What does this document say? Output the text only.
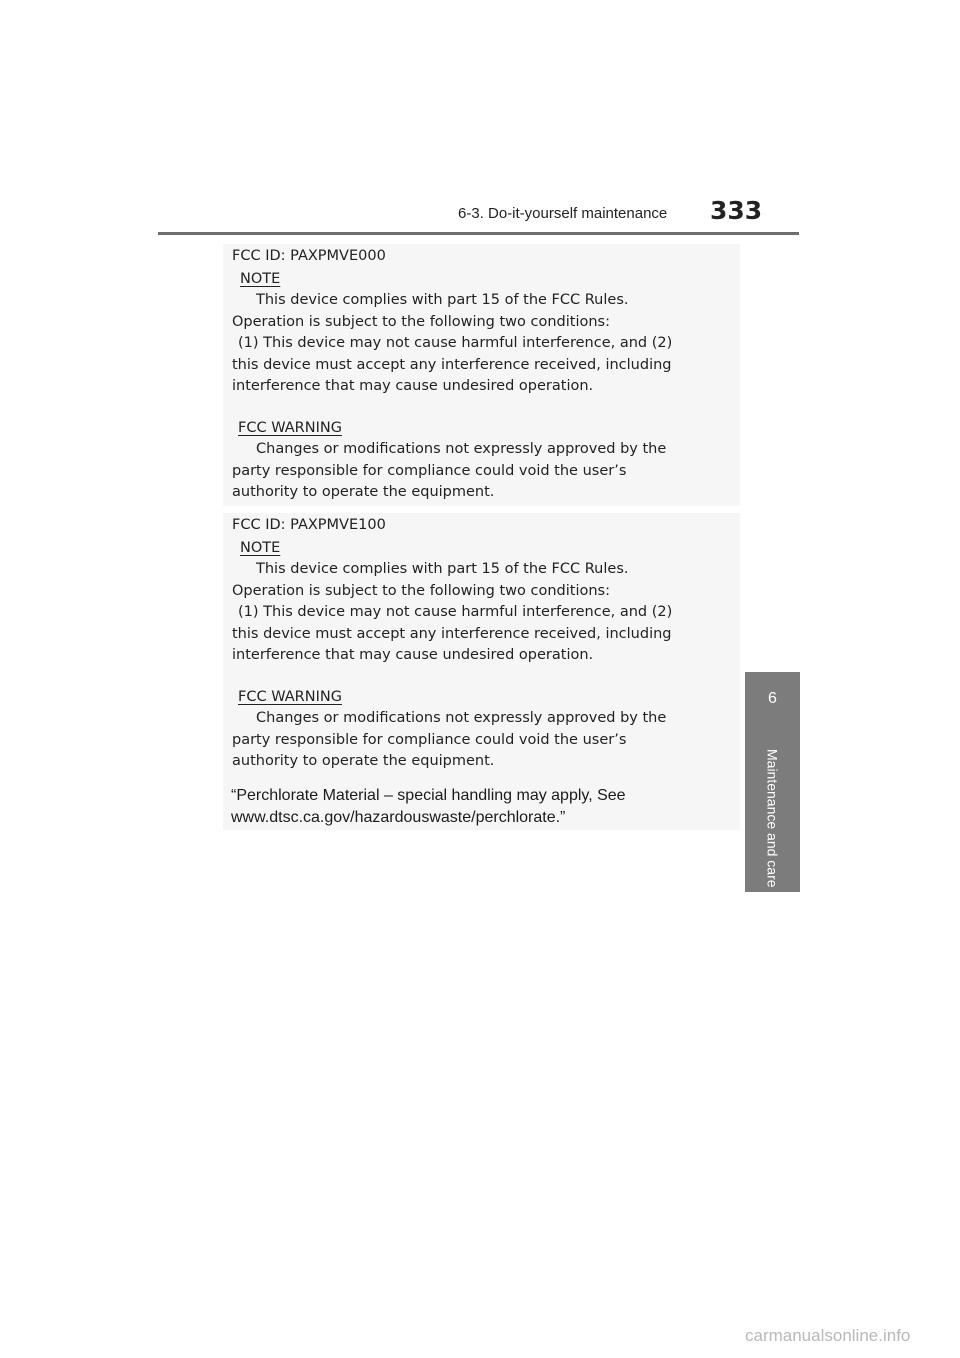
6-3. Do-it-yourself maintenance 333
6
Maintenance and care
FCC ID: PAXPMVE000
NOTE
This device complies with part 15 of the FCC Rules.
Operation is subject to the following two conditions:
(1) This device may not cause harmful interference, and (2)
this device must accept any interference received, including
interference that may cause undesired operation.
FCC WARNING
Changes or modifications not expressly approved by the
party responsible for compliance could void the user’s
authority to operate the equipment.
FCC ID: PAXPMVE100
NOTE
This device complies with part 15 of the FCC Rules.
Operation is subject to the following two conditions:
(1) This device may not cause harmful interference, and (2)
this device must accept any interference received, including
interference that may cause undesired operation.
FCC WARNING
Changes or modifications not expressly approved by the
party responsible for compliance could void the user’s
authority to operate the equipment.
“Perchlorate Material – special handling may apply, See
www.dtsc.ca.gov/hazardouswaste/perchlorate.”
carmanualsonline.info
